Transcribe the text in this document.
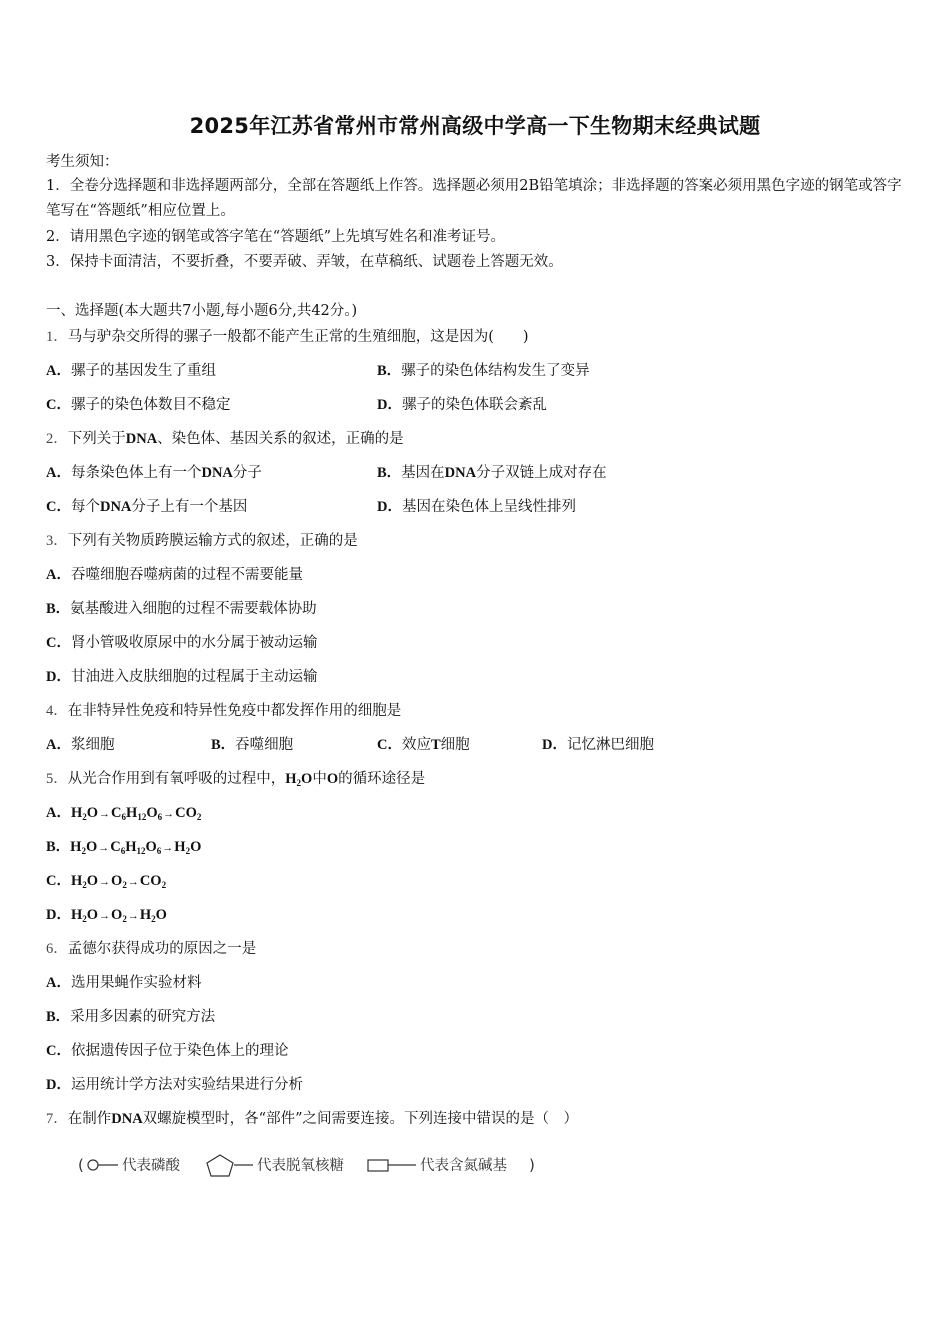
2025年江苏省常州市常州高级中学高一下生物期末经典试题
考生须知：
1．全卷分选择题和非选择题两部分，全部在答题纸上作答。选择题必须用2B铅笔填涂；非选择题的答案必须用黑色字迹的钢笔或答字笔写在“答题纸”相应位置上。
2．请用黑色字迹的钢笔或答字笔在“答题纸”上先填写姓名和准考证号。
3．保持卡面清洁，不要折叠，不要弄破、弄皱，在草稿纸、试题卷上答题无效。
一、选择题(本大题共7小题,每小题6分,共42分。)
1．马与驴杂交所得的骡子一般都不能产生正常的生殖细胞，这是因为(　　)
A．骡子的基因发生了重组	B．骡子的染色体结构发生了变异
C．骡子的染色体数目不稳定	D．骡子的染色体联会紊乱
2．下列关于DNA、染色体、基因关系的叙述，正确的是
A．每条染色体上有一个DNA分子	B．基因在DNA分子双链上成对存在
C．每个DNA分子上有一个基因	D．基因在染色体上呈线性排列
3．下列有关物质跨膜运输方式的叙述，正确的是
A．吞噬细胞吞噬病菌的过程不需要能量
B．氨基酸进入细胞的过程不需要载体协助
C．肾小管吸收原尿中的水分属于被动运输
D．甘油进入皮肤细胞的过程属于主动运输
4．在非特异性免疫和特异性免疫中都发挥作用的细胞是
A．浆细胞	B．吞噬细胞	C．效应T细胞	D．记忆淋巴细胞
5．从光合作用到有氧呼吸的过程中，$H_2O$中O的循环途径是
A．$H_2O\to C_6H_{12}O_6\to CO_2$
B．$H_2O\to C_6H_{12}O_6\to H_2O$
C．$H_2O\to O_2\to CO_2$
D．$H_2O\to O_2\to H_2O$
6．孟德尔获得成功的原因之一是
A．选用果蝇作实验材料
B．采用多因素的研究方法
C．依据遗传因子位于染色体上的理论
D．运用统计学方法对实验结果进行分析
7．在制作DNA双螺旋模型时，各“部件”之间需要连接。下列连接中错误的是（　）
(	代表磷酸	代表脱氧核糖	代表含氮碱基 )
